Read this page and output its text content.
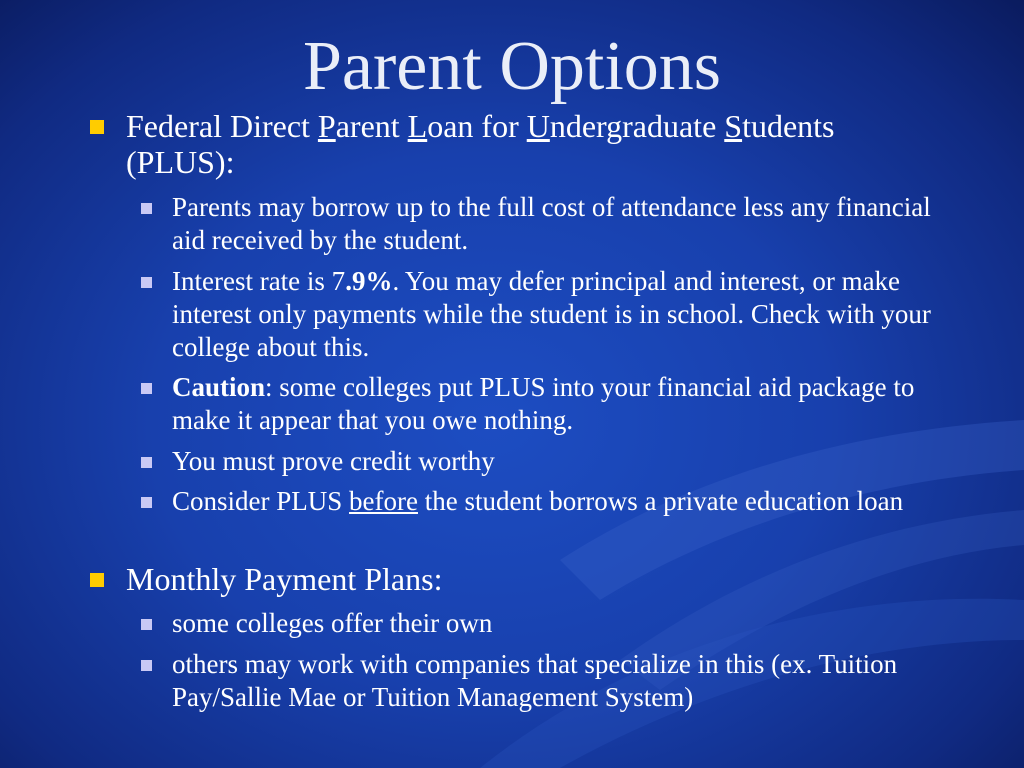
Parent Options
Federal Direct Parent Loan for Undergraduate Students (PLUS):
Parents may borrow up to the full cost of attendance less any financial aid received by the student.
Interest rate is 7.9%. You may defer principal and interest, or make interest only payments while the student is in school. Check with your college about this.
Caution: some colleges put PLUS into your financial aid package to make it appear that you owe nothing.
You must prove credit worthy
Consider PLUS before the student borrows a private education loan
Monthly Payment Plans:
some colleges offer their own
others may work with companies that specialize in this (ex. Tuition Pay/Sallie Mae or Tuition Management System)
